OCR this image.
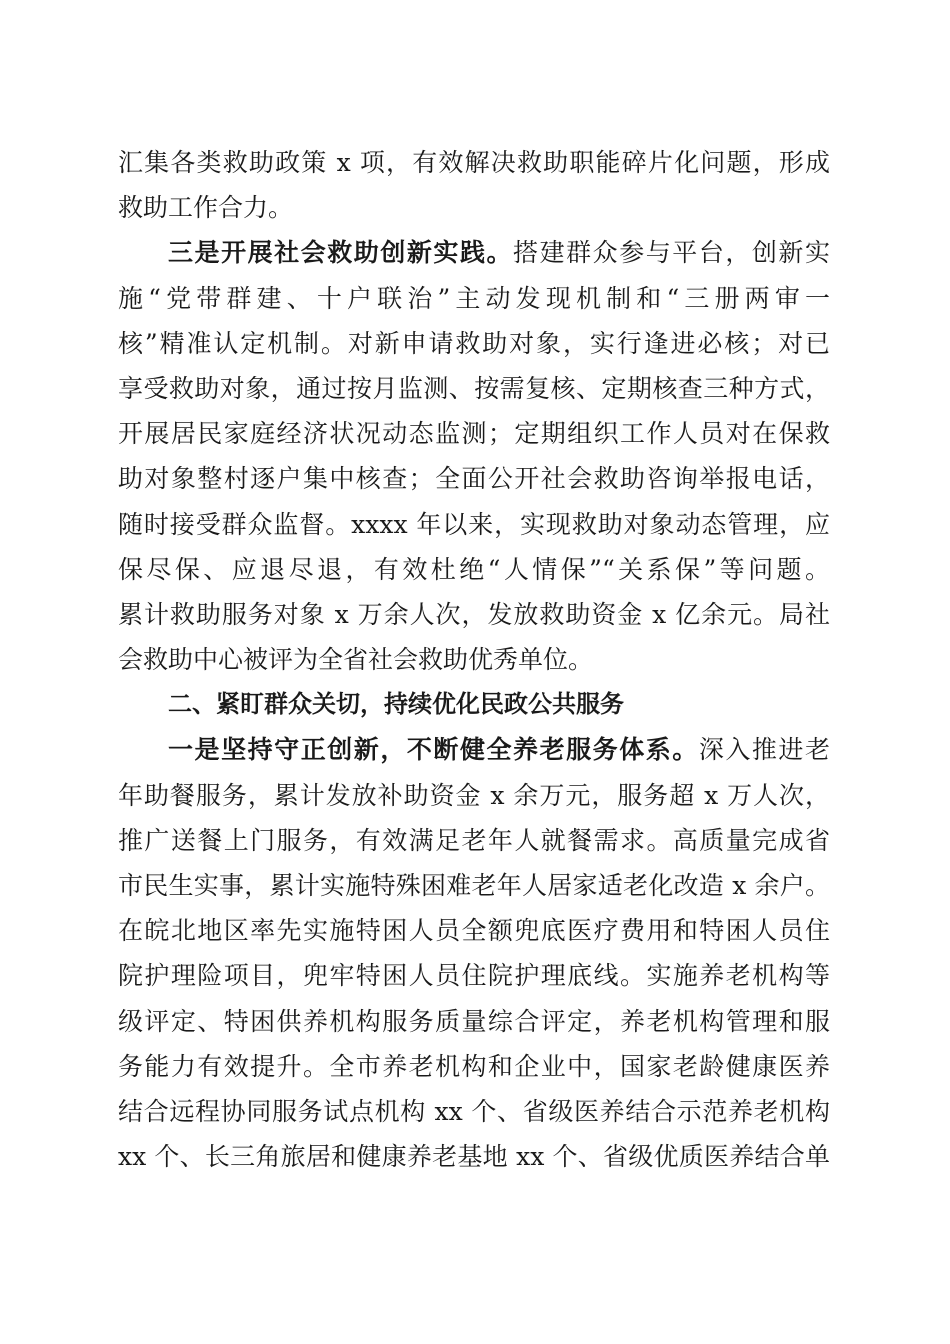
汇集各类救助政策 x 项，有效解决救助职能碎片化问题，形成
救助工作合力。
三是开展社会救助创新实践。搭建群众参与平台，创新实
施“党带群建、十户联治”主动发现机制和“三册两审一
核”精准认定机制。对新申请救助对象，实行逢进必核；对已
享受救助对象，通过按月监测、按需复核、定期核查三种方式，
开展居民家庭经济状况动态监测；定期组织工作人员对在保救
助对象整村逐户集中核查；全面公开社会救助咨询举报电话，
随时接受群众监督。xxxx 年以来，实现救助对象动态管理，应
保尽保、应退尽退，有效杜绝“人情保”“关系保”等问题。
累计救助服务对象 x 万余人次，发放救助资金 x 亿余元。局社
会救助中心被评为全省社会救助优秀单位。
二、紧盯群众关切，持续优化民政公共服务
一是坚持守正创新，不断健全养老服务体系。深入推进老
年助餐服务，累计发放补助资金 x 余万元，服务超 x 万人次，
推广送餐上门服务，有效满足老年人就餐需求。高质量完成省
市民生实事，累计实施特殊困难老年人居家适老化改造 x 余户。
在皖北地区率先实施特困人员全额兜底医疗费用和特困人员住
院护理险项目，兜牢特困人员住院护理底线。实施养老机构等
级评定、特困供养机构服务质量综合评定，养老机构管理和服
务能力有效提升。全市养老机构和企业中，国家老龄健康医养
结合远程协同服务试点机构 xx 个、省级医养结合示范养老机构
xx 个、长三角旅居和健康养老基地 xx 个、省级优质医养结合单
